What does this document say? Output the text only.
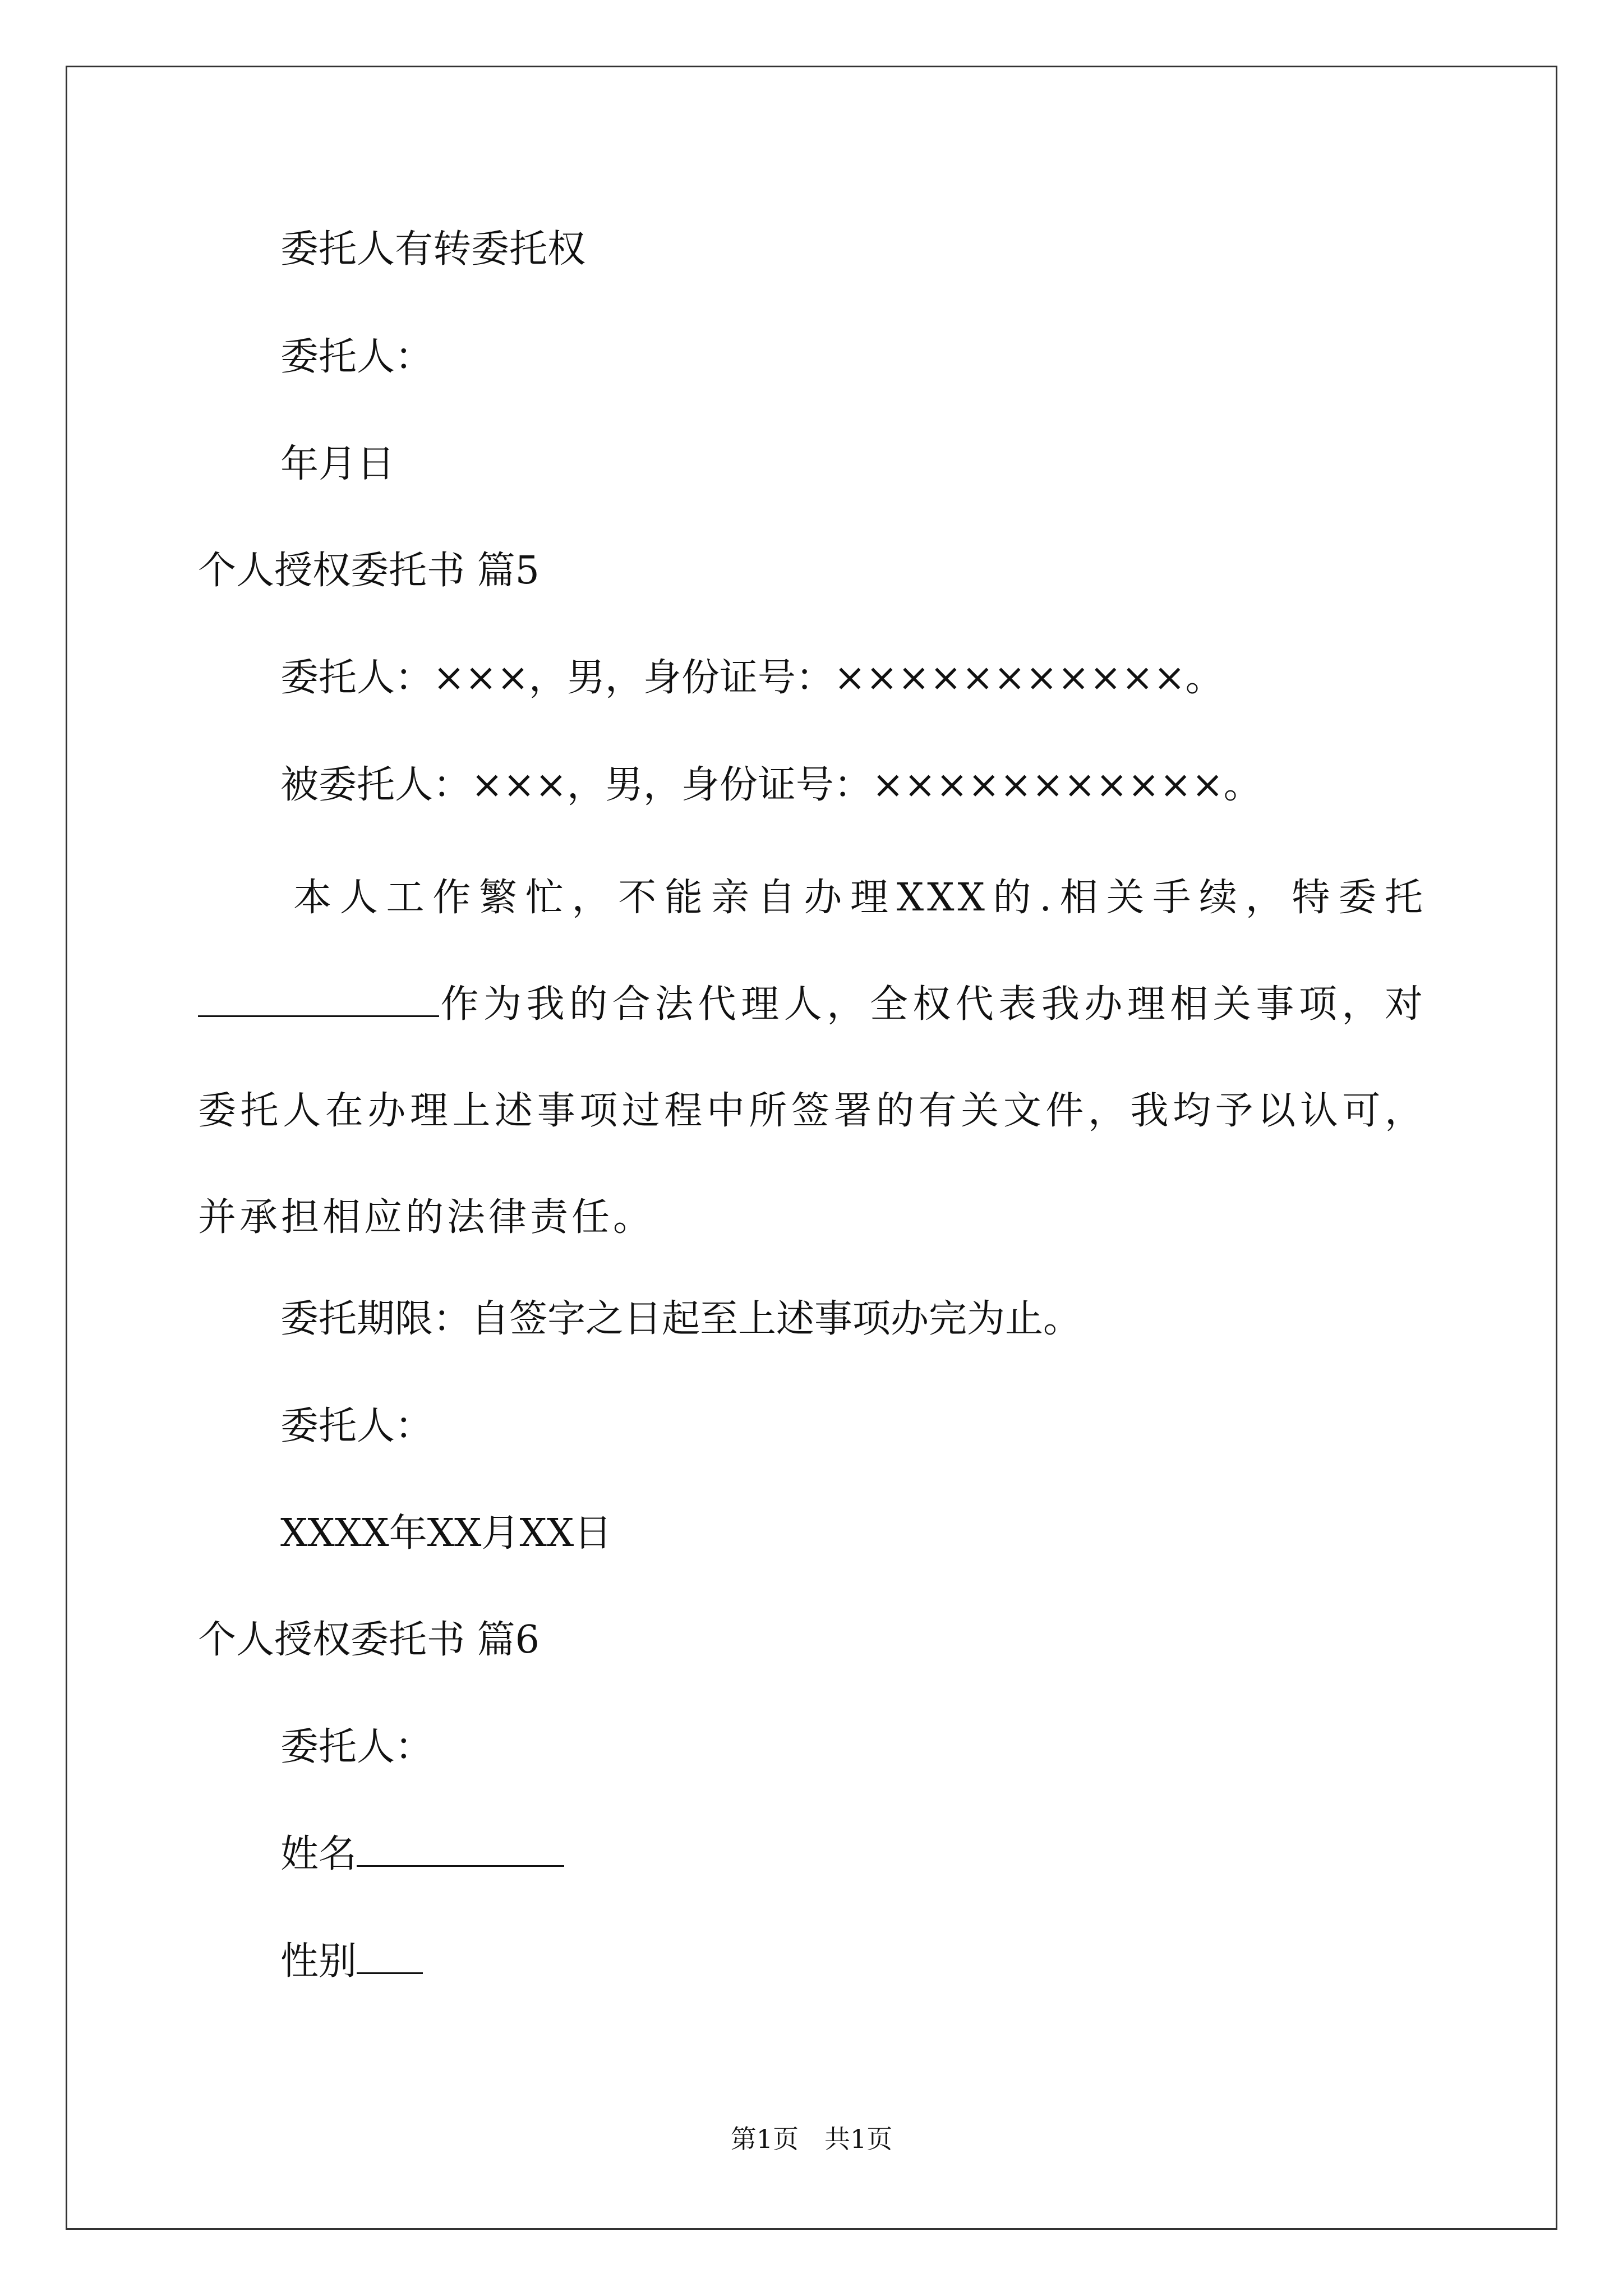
委托人有转委托权

委托人：

年月日

个人授权委托书 篇5

委托人：×××，男，身份证号：×××××××××××。

被委托人：×××，男，身份证号：×××××××××××。

本人工作繁忙，不能亲自办理XXX的.相关手续，特委托作为我的合法代理人，全权代表我办理相关事项，对委托人在办理上述事项过程中所签署的有关文件，我均予以认可，并承担相应的法律责任。

委托期限：自签字之日起至上述事项办完为止。

委托人：

XXXX年XX月XX日

个人授权委托书 篇6

委托人：

姓名

性别

第1页　共1页
